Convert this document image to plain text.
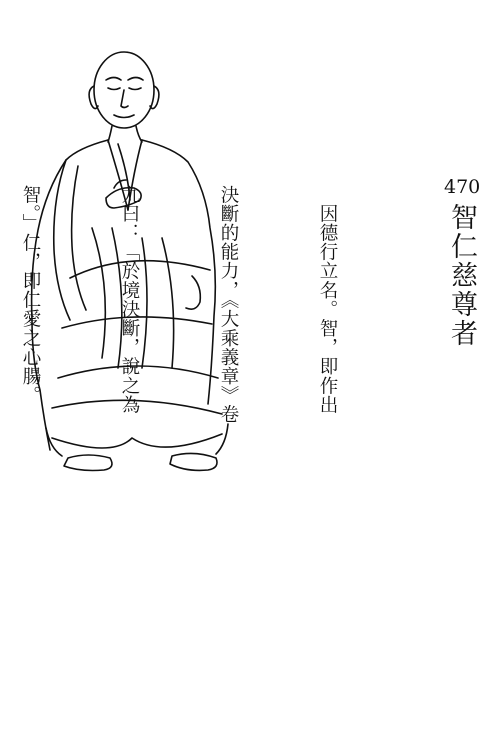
470
智仁慈尊者

　因德行立名。智，即作出

決斷的能力，《大乘義章》卷

九曰：「於境決斷，說之為

智。」仁，即仁愛之心腸。
